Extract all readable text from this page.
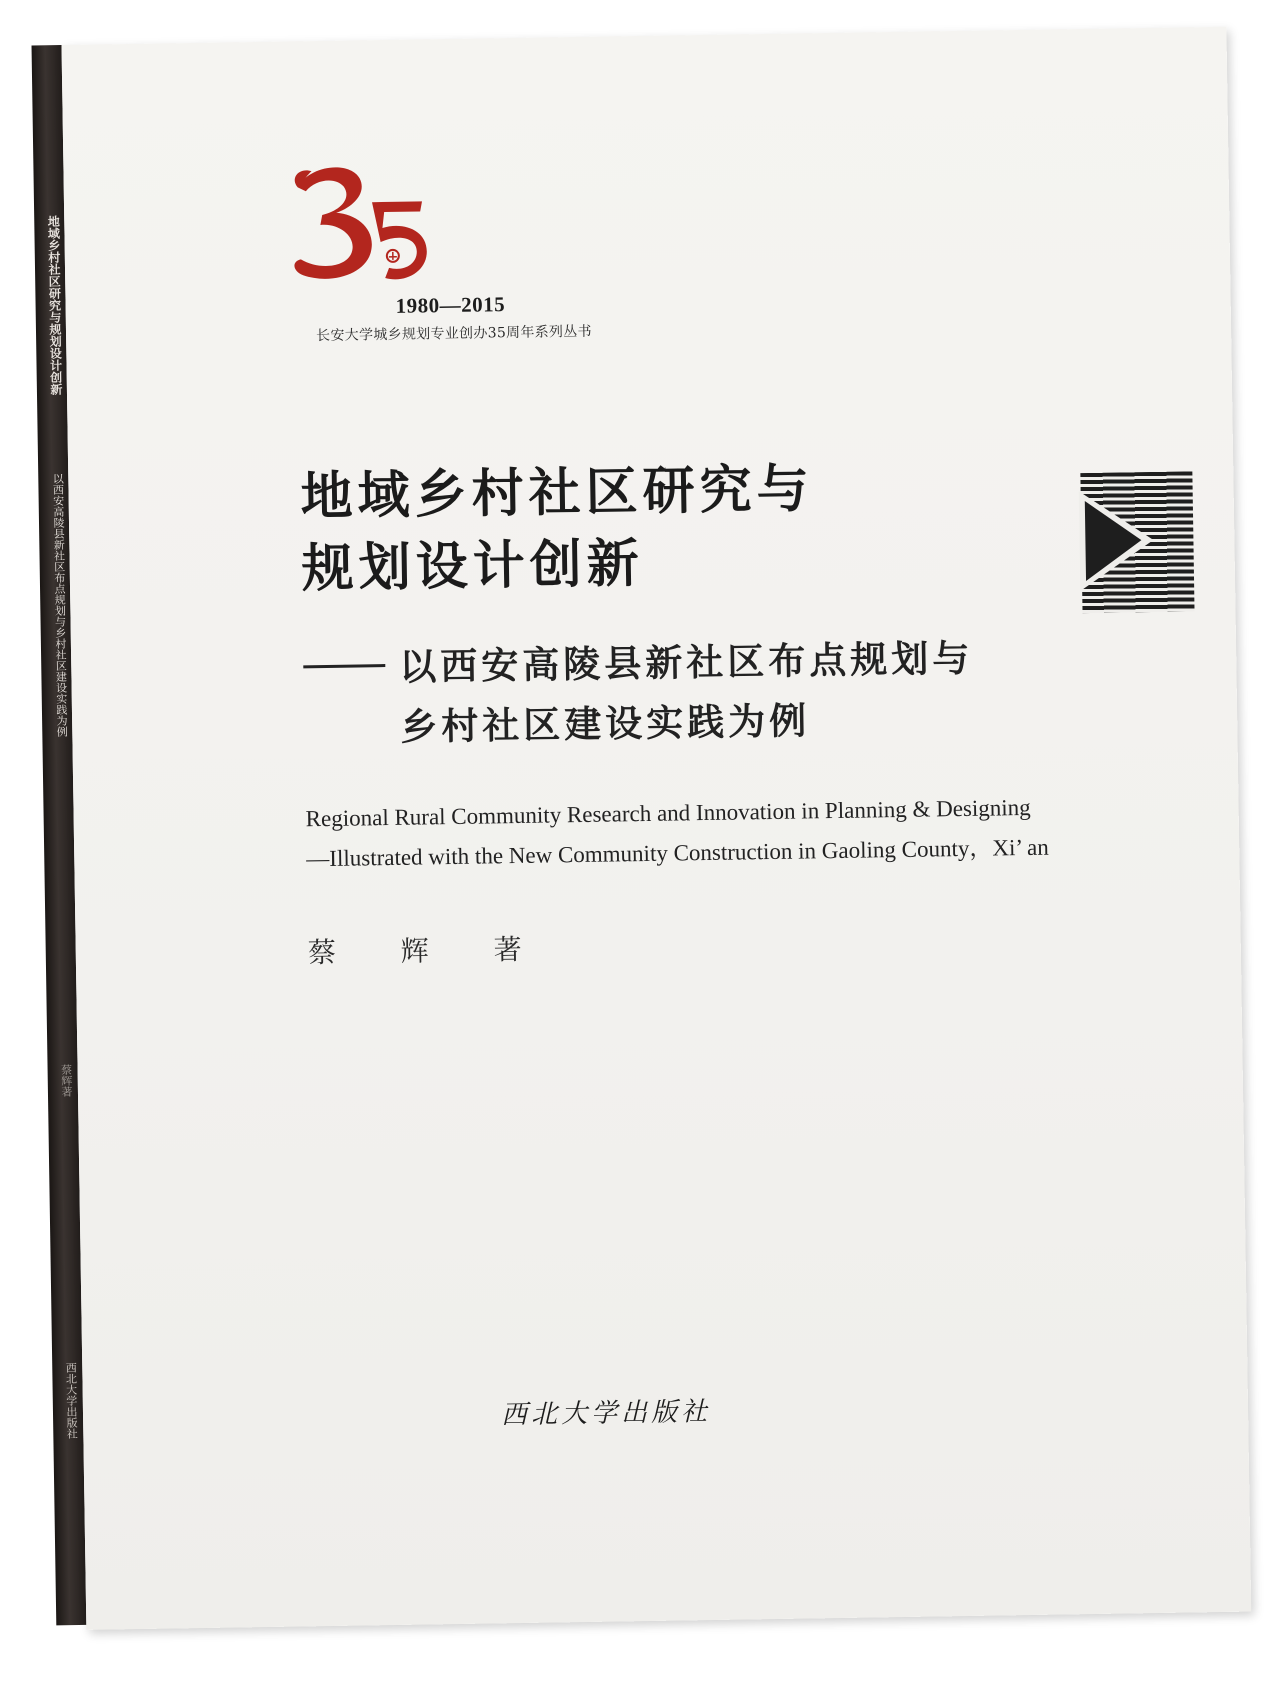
地域乡村社区研究与规划设计创新
以西安高陵县新社区布点规划与乡村社区建设实践为例
蔡辉著
西北大学出版社
1980—2015
长安大学城乡规划专业创办35周年系列丛书
地域乡村社区研究与
规划设计创新
以西安高陵县新社区布点规划与
乡村社区建设实践为例
Regional Rural Community Research and Innovation in Planning & Designing
—Illustrated with the New Community Construction in Gaoling County，Xi’ an
蔡 辉 著
西北大学出版社
